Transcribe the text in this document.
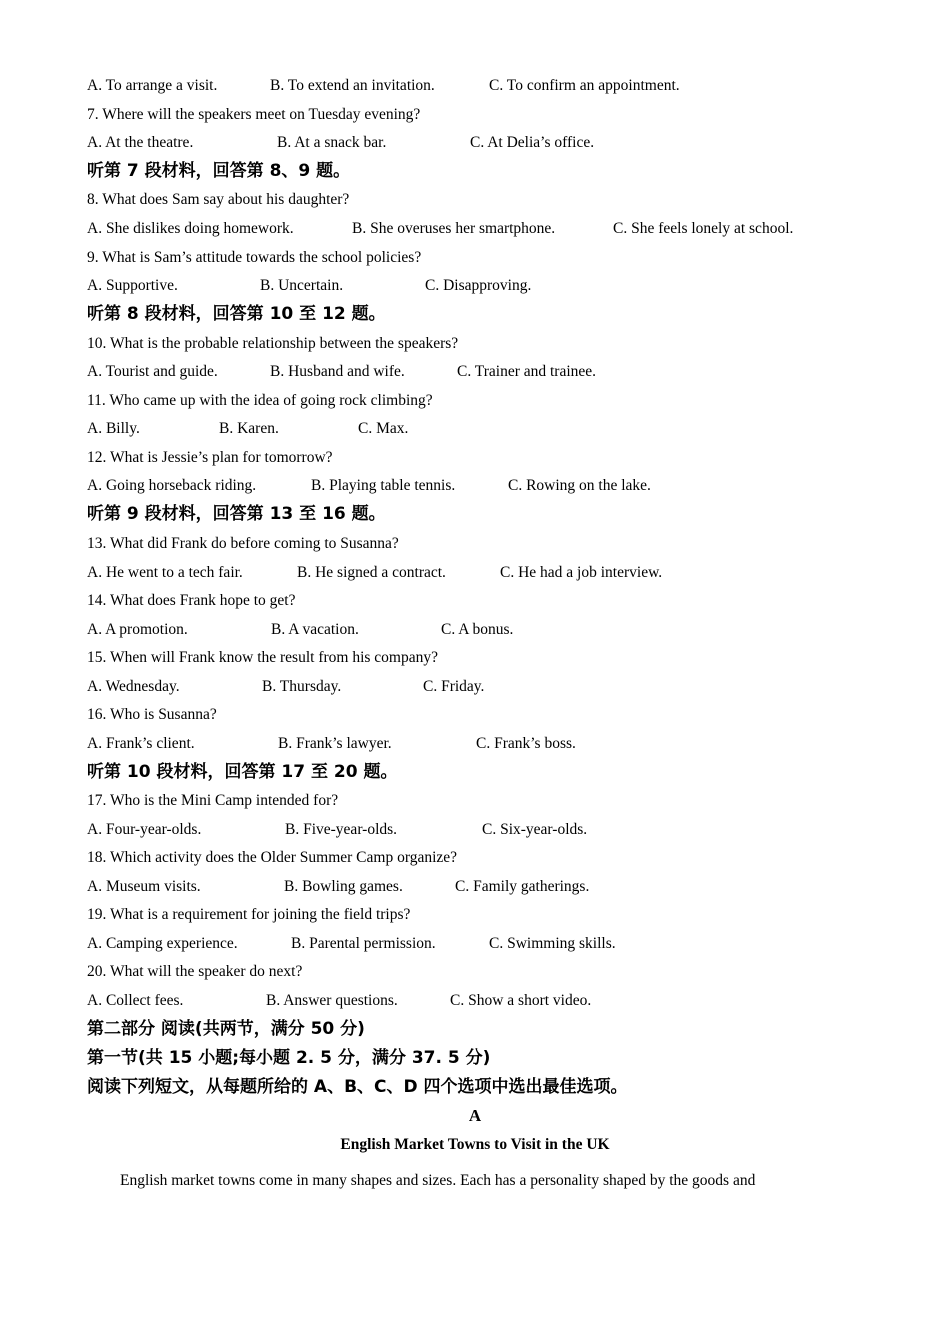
A. To arrange a visit.	B. To extend an invitation.	C. To confirm an appointment.
7. Where will the speakers meet on Tuesday evening?
A. At the theatre.	B. At a snack bar.	C. At Delia’s office.
听第 7 段材料，回答第 8、9 题。
8. What does Sam say about his daughter?
A. She dislikes doing homework.	B. She overuses her smartphone.	C. She feels lonely at school.
9. What is Sam’s attitude towards the school policies?
A. Supportive.	B. Uncertain.	C. Disapproving.
听第 8 段材料，回答第 10 至 12 题。
10. What is the probable relationship between the speakers?
A. Tourist and guide.	B. Husband and wife.	C. Trainer and trainee.
11. Who came up with the idea of going rock climbing?
A. Billy.	B. Karen.	C. Max.
12. What is Jessie’s plan for tomorrow?
A. Going horseback riding.	B. Playing table tennis.	C. Rowing on the lake.
听第 9 段材料，回答第 13 至 16 题。
13. What did Frank do before coming to Susanna?
A. He went to a tech fair.	B. He signed a contract.	C. He had a job interview.
14. What does Frank hope to get?
A. A promotion.	B. A vacation.	C. A bonus.
15. When will Frank know the result from his company?
A. Wednesday.	B. Thursday.	C. Friday.
16. Who is Susanna?
A. Frank’s client.	B. Frank’s lawyer.	C. Frank’s boss.
听第 10 段材料，回答第 17 至 20 题。
17. Who is the Mini Camp intended for?
A. Four-year-olds.	B. Five-year-olds.	C. Six-year-olds.
18. Which activity does the Older Summer Camp organize?
A. Museum visits.	B. Bowling games.	C. Family gatherings.
19. What is a requirement for joining the field trips?
A. Camping experience.	B. Parental permission.	C. Swimming skills.
20. What will the speaker do next?
A. Collect fees.	B. Answer questions.	C. Show a short video.
第二部分 阅读(共两节，满分 50 分)
第一节(共 15 小题;每小题 2. 5 分，满分 37. 5 分)
阅读下列短文，从每题所给的 A、B、C、D 四个选项中选出最佳选项。
A
English Market Towns to Visit in the UK
English market towns come in many shapes and sizes. Each has a personality shaped by the goods and
